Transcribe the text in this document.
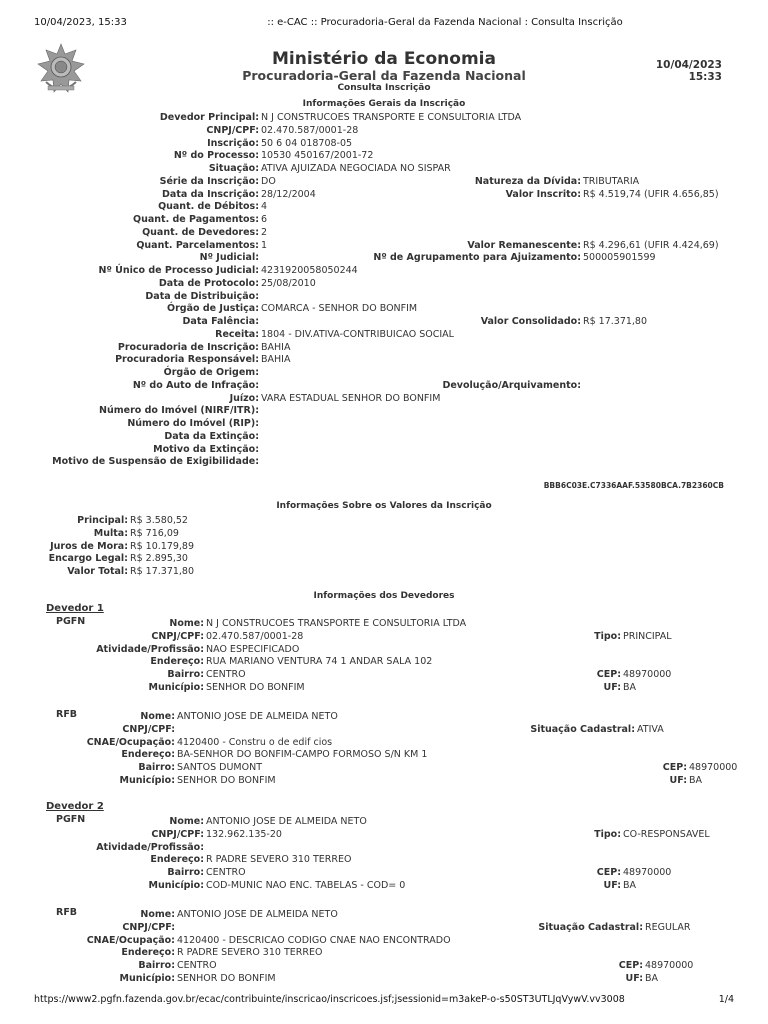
10/04/2023, 15:33	:: e-CAC :: Procuradoria-Geral da Fazenda Nacional : Consulta Inscrição
Ministério da Economia
Procuradoria-Geral da Fazenda Nacional
Consulta Inscrição
10/04/2023
15:33
Informações Gerais da Inscrição
Devedor Principal: N J CONSTRUCOES TRANSPORTE E CONSULTORIA LTDA
CNPJ/CPF: 02.470.587/0001-28
Inscrição: 50 6 04 018708-05
Nº do Processo: 10530 450167/2001-72
Situação: ATIVA AJUIZADA NEGOCIADA NO SISPAR
Série da Inscrição: DO
Data da Inscrição: 28/12/2004
Quant. de Débitos: 4
Quant. de Pagamentos: 6
Quant. de Devedores: 2
Quant. Parcelamentos: 1
Nº Judicial:
Nº Único de Processo Judicial: 4231920058050244
Data de Protocolo: 25/08/2010
Data de Distribuição:
Órgão de Justiça: COMARCA - SENHOR DO BONFIM
Data Falência:
Receita: 1804 - DIV.ATIVA-CONTRIBUICAO SOCIAL
Procuradoria de Inscrição: BAHIA
Procuradoria Responsável: BAHIA
Órgão de Origem:
Nº do Auto de Infração:
Juízo: VARA ESTADUAL SENHOR DO BONFIM
Número do Imóvel (NIRF/ITR):
Número do Imóvel (RIP):
Data da Extinção:
Motivo da Extinção:
Motivo de Suspensão de Exigibilidade:
Natureza da Dívida: TRIBUTARIA
Valor Inscrito: R$ 4.519,74 (UFIR 4.656,85)
Valor Remanescente: R$ 4.296,61 (UFIR 4.424,69)
Nº de Agrupamento para Ajuizamento: 500005901599
Valor Consolidado: R$ 17.371,80
Devolução/Arquivamento:
BBB6C03E.C7336AAF.53580BCA.7B2360CB
Informações Sobre os Valores da Inscrição
Principal: R$ 3.580,52
Multa: R$ 716,09
Juros de Mora: R$ 10.179,89
Encargo Legal: R$ 2.895,30
Valor Total: R$ 17.371,80
Informações dos Devedores
Devedor 1
PGFN	Nome: N J CONSTRUCOES TRANSPORTE E CONSULTORIA LTDA
CNPJ/CPF: 02.470.587/0001-28
Atividade/Profissão: NAO ESPECIFICADO
Endereço: RUA MARIANO VENTURA 74 1 ANDAR SALA 102
Bairro: CENTRO
Município: SENHOR DO BONFIM
Tipo: PRINCIPAL
CEP: 48970000
UF: BA
RFB	Nome: ANTONIO JOSE DE ALMEIDA NETO
CNPJ/CPF:
CNAE/Ocupação: 4120400 - Constru o de edif cios
Endereço: BA-SENHOR DO BONFIM-CAMPO FORMOSO S/N KM 1
Bairro: SANTOS DUMONT
Município: SENHOR DO BONFIM
Situação Cadastral: ATIVA
CEP: 48970000
UF: BA
Devedor 2
PGFN	Nome: ANTONIO JOSE DE ALMEIDA NETO
CNPJ/CPF: 132.962.135-20
Atividade/Profissão:
Endereço: R PADRE SEVERO 310 TERREO
Bairro: CENTRO
Município: COD-MUNIC NAO ENC. TABELAS - COD= 0
Tipo: CO-RESPONSAVEL
CEP: 48970000
UF: BA
RFB	Nome: ANTONIO JOSE DE ALMEIDA NETO
CNPJ/CPF:
CNAE/Ocupação: 4120400 - DESCRICAO CODIGO CNAE NAO ENCONTRADO
Endereço: R PADRE SEVERO 310 TERREO
Bairro: CENTRO
Município: SENHOR DO BONFIM
Situação Cadastral: REGULAR
CEP: 48970000
UF: BA
https://www2.pgfn.fazenda.gov.br/ecac/contribuinte/inscricao/inscricoes.jsf;jsessionid=m3akeP-o-s50ST3UTLJqVywV.vv3008	1/4
